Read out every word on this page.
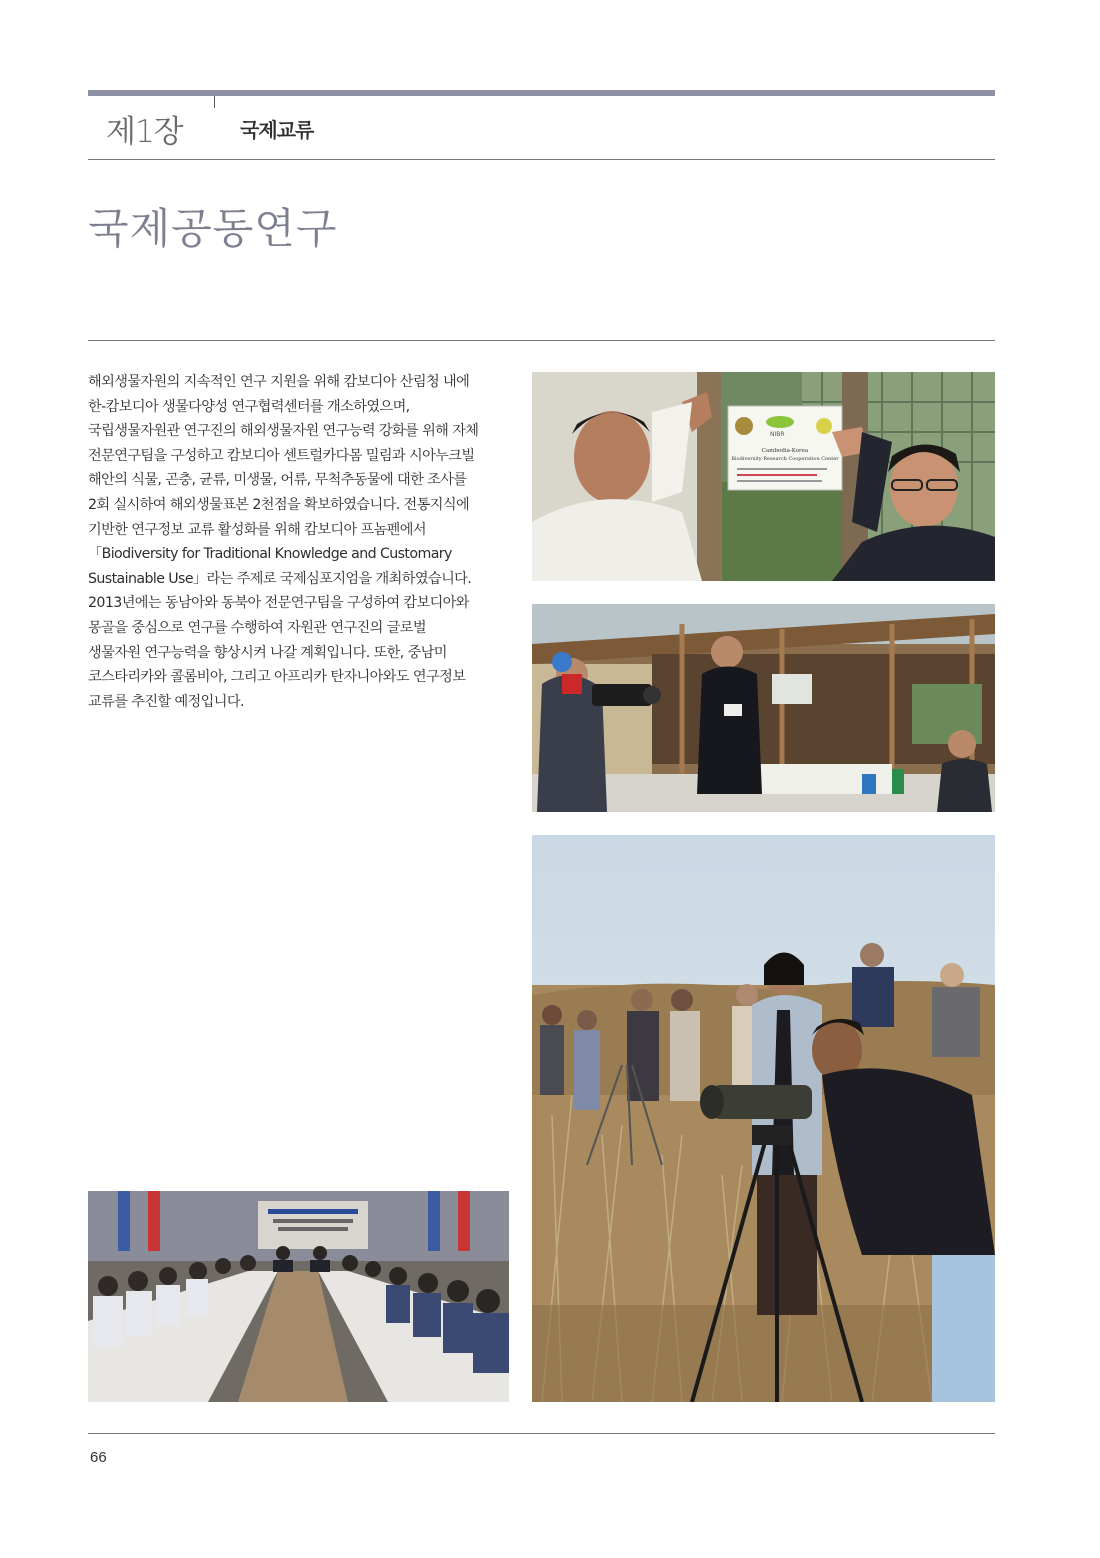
제1장	국제교류
국제공동연구
해외생물자원의 지속적인 연구 지원을 위해 캄보디아 산림청 내에 한-캄보디아 생물다양성 연구협력센터를 개소하였으며, 국립생물자원관 연구진의 해외생물자원 연구능력 강화를 위해 자체 전문연구팀을 구성하고 캄보디아 센트럴카다몸 밀림과 시아누크빌 해안의 식물, 곤충, 균류, 미생물, 어류, 무척추동물에 대한 조사를 2회 실시하여 해외생물표본 2천점을 확보하였습니다. 전통지식에 기반한 연구정보 교류 활성화를 위해 캄보디아 프놈펜에서 「Biodiversity for Traditional Knowledge and Customary Sustainable Use」라는 주제로 국제심포지엄을 개최하였습니다. 2013년에는 동남아와 동북아 전문연구팀을 구성하여 캄보디아와 몽골을 중심으로 연구를 수행하여 자원관 연구진의 글로벌 생물자원 연구능력을 향상시켜 나갈 계획입니다. 또한, 중남미 코스타리카와 콜롬비아, 그리고 아프리카 탄자니아와도 연구정보 교류를 추진할 예정입니다.
NIBR
Cambodia-Korea
Biodiversity Research Cooperation Center
66
